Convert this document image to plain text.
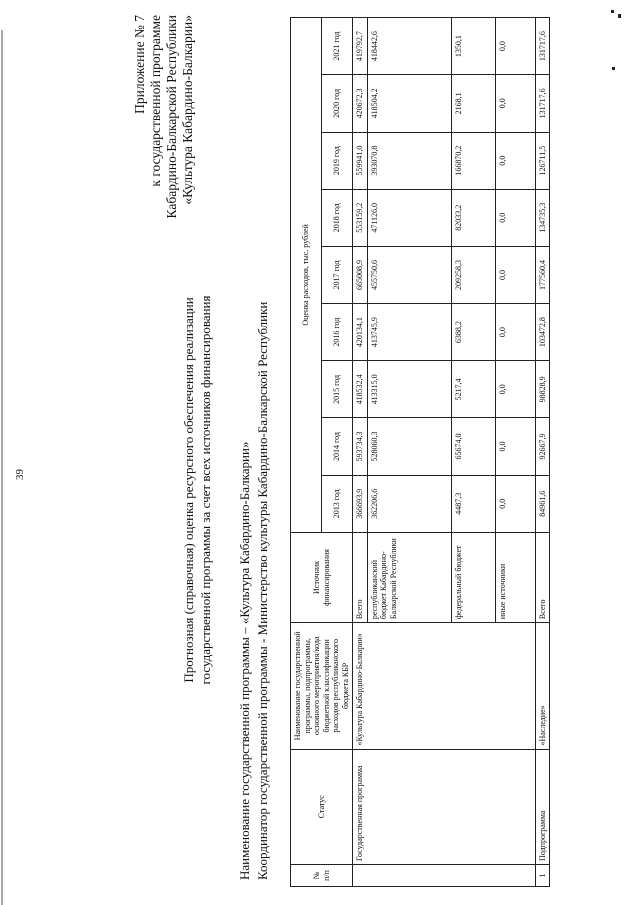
39
Приложение № 7 к государственной программе Кабардино-Балкарской Республики «Культура Кабардино-Балкарии»
Прогнозная (справочная) оценка ресурсного обеспечения реализации государственной программы за счет всех источников финансирования Наименование государственной программы – «Культура Кабардино-Балкарии» Координатор государственной программы - Министерство культуры Кабардино-Балкарской Республики	№ п/п	Статус	Наименование государственной программы, подпрограммы, основного мероприятия/кода бюджетной классификации расходов республиканского бюджета КБР	Источник финансирования	Оценка расходов, тыс. рублей								
				2013 год	2014 год	2015 год	2016 год	2017 год	2018 год	2019 год	2020 год	2021 год
	Государственная программа	«Культура Кабардино-Балкарии»	Всего	366693,9	593734,3	418532,4	420134,1	665008,9	553159,2	559941,0	420672,3	419792,7
			республиканский бюджет Кабардино-Балкарской Республики	362206,6	528060,3	413315,0	413745,9	455750,6	471126,0	393070,8	418504,2	418442,6
			федеральный бюджет	4487,3	65674,0	5217,4	6388,2	209258,3	82033,2	166870,2	2168,1	1350,1
			иные источники	0,0	0,0	0,0	0,0	0,0	0,0	0,0	0,0	0,0
1	Подпрограмма	«Наследие»	Всего	84961,6	92667,9	98828,9	103472,8	177560,4	134735,3	126711,5	131717,6	131717,6
